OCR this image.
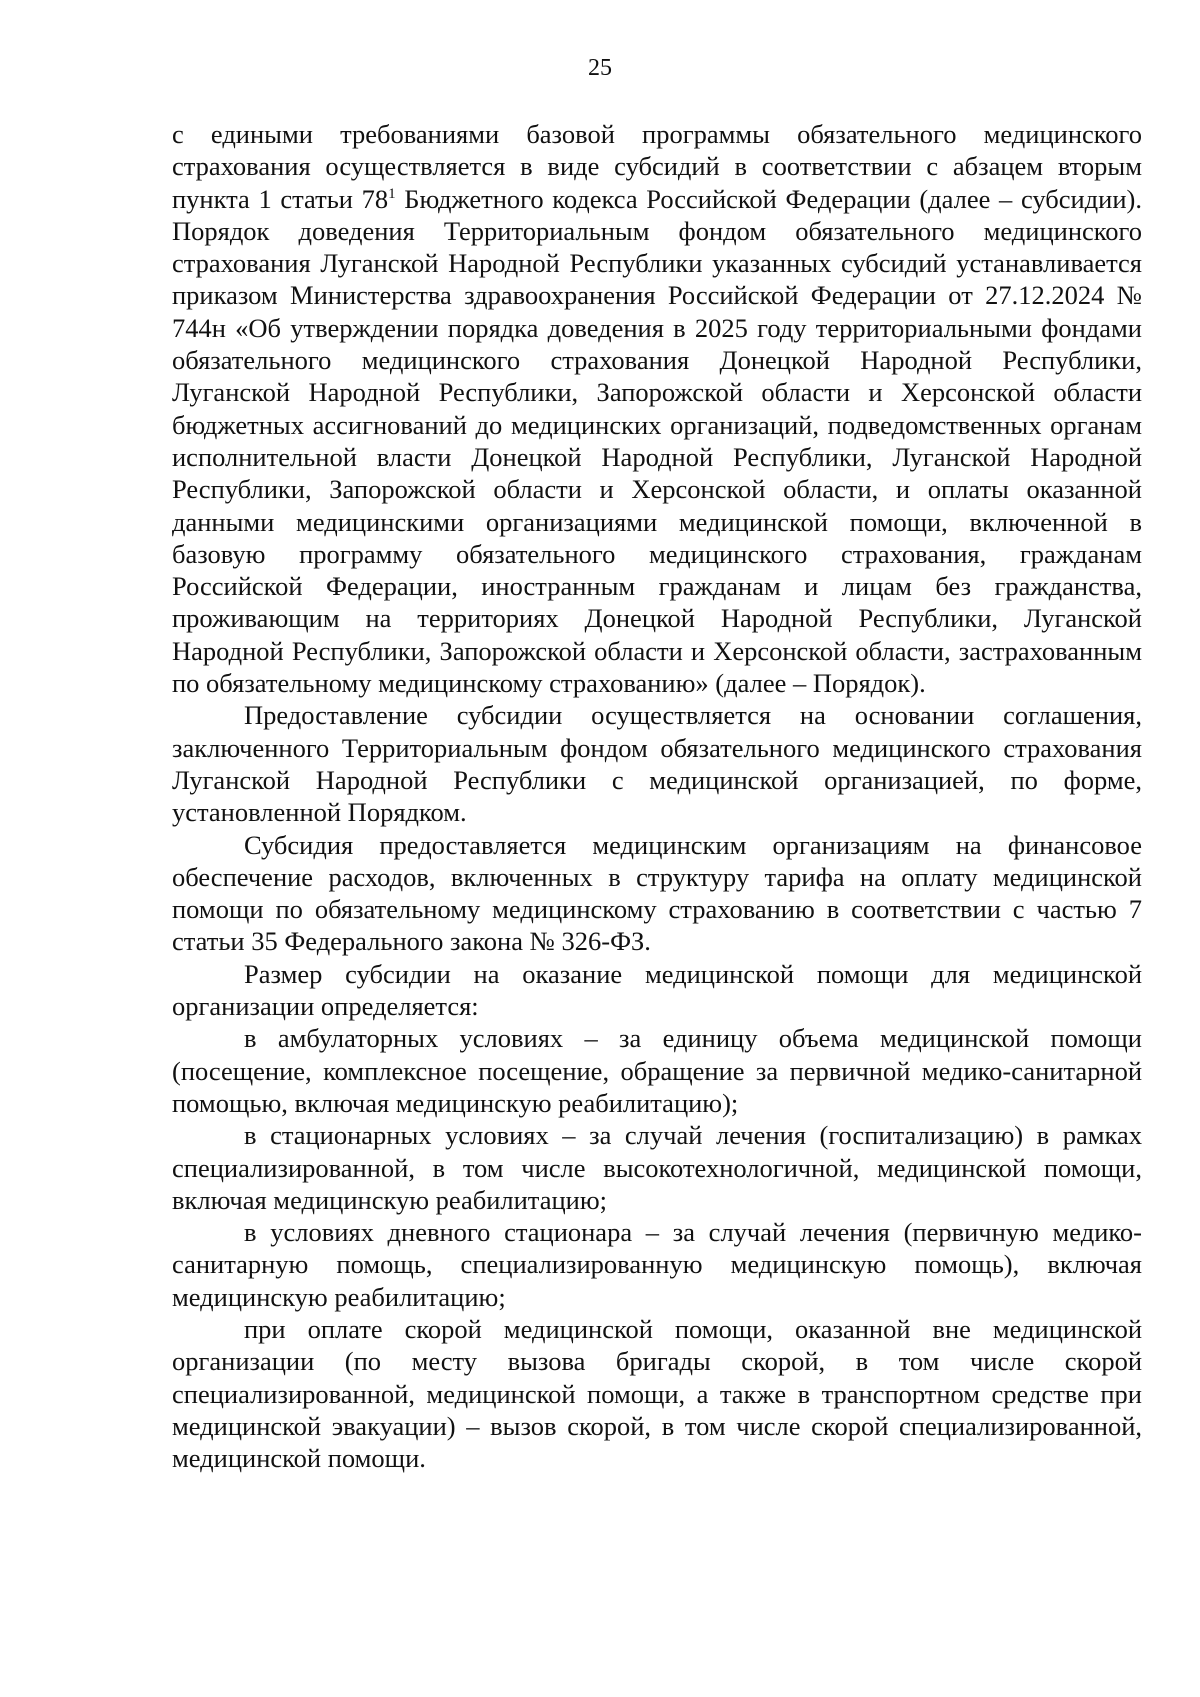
25

с едиными требованиями базовой программы обязательного медицинского страхования осуществляется в виде субсидий в соответствии с абзацем вторым пункта 1 статьи $78^1$ Бюджетного кодекса Российской Федерации (далее – субсидии). Порядок доведения Территориальным фондом обязательного медицинского страхования Луганской Народной Республики указанных субсидий устанавливается приказом Министерства здравоохранения Российской Федерации от 27.12.2024 № 744н «Об утверждении порядка доведения в 2025 году территориальными фондами обязательного медицинского страхования Донецкой Народной Республики, Луганской Народной Республики, Запорожской области и Херсонской области бюджетных ассигнований до медицинских организаций, подведомственных органам исполнительной власти Донецкой Народной Республики, Луганской Народной Республики, Запорожской области и Херсонской области, и оплаты оказанной данными медицинскими организациями медицинской помощи, включенной в базовую программу обязательного медицинского страхования, гражданам Российской Федерации, иностранным гражданам и лицам без гражданства, проживающим на территориях Донецкой Народной Республики, Луганской Народной Республики, Запорожской области и Херсонской области, застрахованным по обязательному медицинскому страхованию» (далее – Порядок).

Предоставление субсидии осуществляется на основании соглашения, заключенного Территориальным фондом обязательного медицинского страхования Луганской Народной Республики с медицинской организацией, по форме, установленной Порядком.

Субсидия предоставляется медицинским организациям на финансовое обеспечение расходов, включенных в структуру тарифа на оплату медицинской помощи по обязательному медицинскому страхованию в соответствии с частью 7 статьи 35 Федерального закона № 326-ФЗ.

Размер субсидии на оказание медицинской помощи для медицинской организации определяется:

в амбулаторных условиях – за единицу объема медицинской помощи (посещение, комплексное посещение, обращение за первичной медико-санитарной помощью, включая медицинскую реабилитацию);

в стационарных условиях – за случай лечения (госпитализацию) в рамках специализированной, в том числе высокотехнологичной, медицинской помощи, включая медицинскую реабилитацию;

в условиях дневного стационара – за случай лечения (первичную медико-санитарную помощь, специализированную медицинскую помощь), включая медицинскую реабилитацию;

при оплате скорой медицинской помощи, оказанной вне медицинской организации (по месту вызова бригады скорой, в том числе скорой специализированной, медицинской помощи, а также в транспортном средстве при медицинской эвакуации) – вызов скорой, в том числе скорой специализированной, медицинской помощи.
